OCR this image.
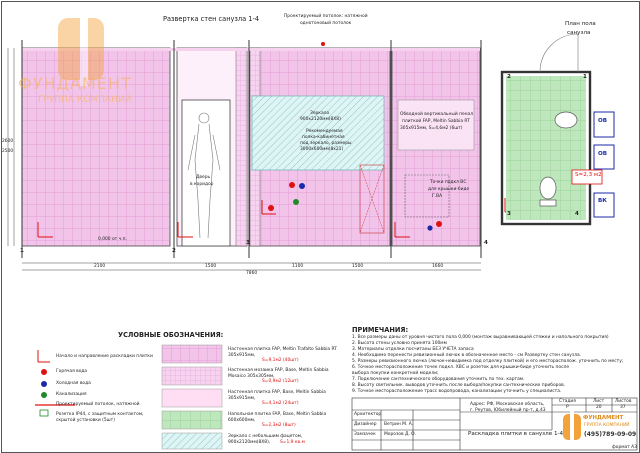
Развертка стен санузла 1-4	Проектируемый потолок: натяжной
однотоновый потолок	План пола
санузла
0,000 от ч.п.
Дверь
в коридор
ФУНДАМЕНТ
ГРУППА КОМПАНИЙ
ФУНДАМЕНТ
ГРУППА КОМПАНИЙ
(495)789-09-09
1	2
3	4
1
2
3	4
7860
2100	1500	1100	1500	1660
2600
2500
Зеркало
900x2120мм(8Х8)
Рекомендуемая
полка-кабинетная
под зеркало, размеры
3000x600мм(8х21)
Обводной вертикальный пенал
плиткой FAP, Meltin Sabbia RT
305x915мм, S=4,6м2 (6шт)
Точки подкл ВС
для крышки-биде
Г.ВА
S=2,3 м2
ОВ
ОВ
ВК
УСЛОВНЫЕ ОБОЗНАЧЕНИЯ:
Начало и направление раскладки плитки
Горячая вода
Холодная вода
Канализация
Проектируемый потолок, натяжной
Розетка IP44, с защитным контактом, скрытой установки (5шт)
Настенная плитка FAP, Meltin Trafalto Sabbia RT 305x915мм,
S=9,1м2 (40шт)
Настенная мозаика FAP, Base, Meltin Sabbia Mosaico 305x305мм,
S=0,9м2 (12шт)
Настенная плитка FAP, Base, Meltin Sabbia 305x915мм,
S=4,1м2 (24шт)
Напольная плитка FAP, Base, Meltin Sabbia 600x600мм,
S=2,3м2 (8шт)
Зеркало с небольшим фацетом, 900x2120мм(8Х8),	S=1,9 кв.м
ПРИМЕЧАНИЯ:
1. Все размеры даны от уровня чистого пола 0,000 (монтаж выравнивающей стяжки и напольного покрытия)
2. Высота стены условно принята 100мм
3. Материалы отделки посчитаны БЕЗ УЧЕТА запаса
4. Необходимо перенести ревизионный лючок в обозначенное место - см Развертку стен санузла.
5. Размеры ревизионного лючка (лючок-невидимка под отделку плиткой) и его месторасполож. уточнить по месту;
6. Точное месторасположение точек подкл. ХВС и розеток для крышки-биде уточнить после
выбора покупки конкретной модели;
7. Подключение сантехнического оборудования уточнить по тех. картам.
8. Высоту светильник. выводов уточнить после выбора/покупки сантехнических приборов.
9. Точное месторасположение трасс водопровода, канализации уточнить у специалиста.
Адрес: РФ, Московская область,
г. Реутов, Юбилейный пр-т, д.43
Стадия	Лист Листов
Р	20	37
Раскладка плитки в санузле 1-4
Архитектор
Дизайнер
Замзачек
Ветрин М. А.
Морозов Д. О.
формат А3
